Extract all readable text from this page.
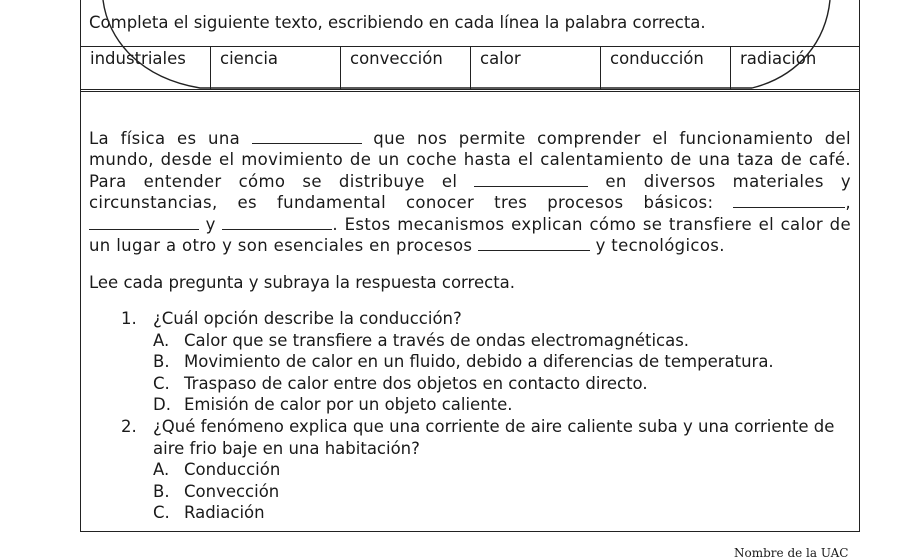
Completa el siguiente texto, escribiendo en cada línea la palabra correcta.
industriales	ciencia	convección	calor	conducción	radiación
La física es una	que nos permite comprender el funcionamiento del mundo, desde el movimiento de un coche hasta el calentamiento de una taza de café. Para entender cómo se distribuye el	en diversos materiales y circunstancias, es fundamental conocer tres procesos básicos:	,  y	. Estos mecanismos explican cómo se transfiere el calor de un lugar a otro y son esenciales en procesos	y tecnológicos.
Lee cada pregunta y subraya la respuesta correcta.
1. ¿Cuál opción describe la conducción?
A. Calor que se transfiere a través de ondas electromagnéticas.
B. Movimiento de calor en un fluido, debido a diferencias de temperatura.
C. Traspaso de calor entre dos objetos en contacto directo.
D. Emisión de calor por un objeto caliente.
2. ¿Qué fenómeno explica que una corriente de aire caliente suba y una corriente de aire frio baje en una habitación?
A. Conducción
B. Convección
C. Radiación
Nombre de la UAC
